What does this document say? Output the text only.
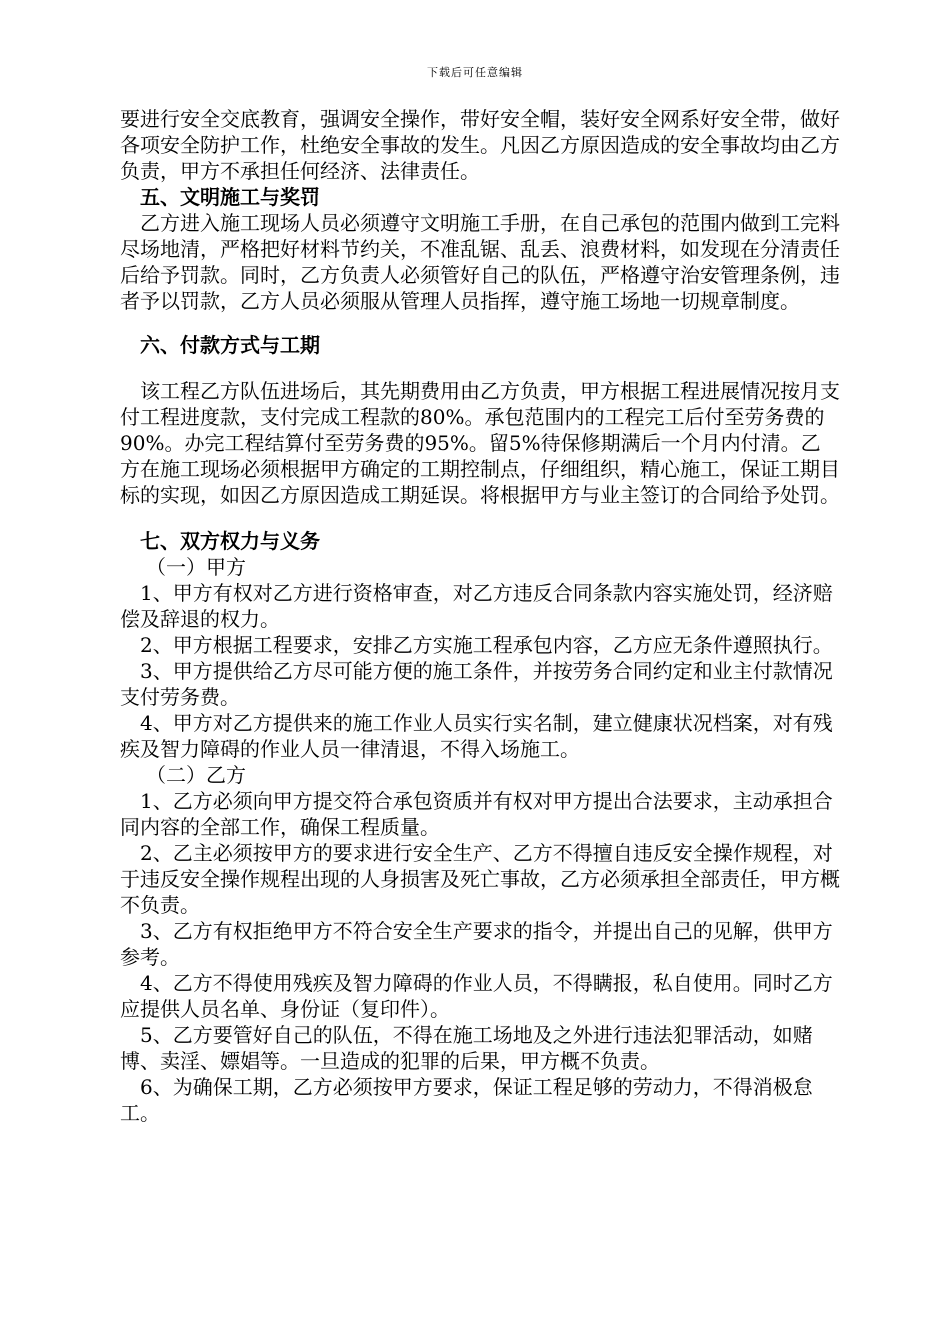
下载后可任意编辑

要进行安全交底教育，强调安全操作，带好安全帽，装好安全网系好安全带，做好各项安全防护工作，杜绝安全事故的发生。凡因乙方原因造成的安全事故均由乙方负责，甲方不承担任何经济、法律责任。

五、文明施工与奖罚

乙方进入施工现场人员必须遵守文明施工手册，在自己承包的范围内做到工完料尽场地清，严格把好材料节约关，不准乱锯、乱丢、浪费材料，如发现在分清责任后给予罚款。同时，乙方负责人必须管好自己的队伍，严格遵守治安管理条例，违者予以罚款，乙方人员必须服从管理人员指挥，遵守施工场地一切规章制度。

六、付款方式与工期

该工程乙方队伍进场后，其先期费用由乙方负责，甲方根据工程进展情况按月支付工程进度款，支付完成工程款的80%。承包范围内的工程完工后付至劳务费的90%。办完工程结算付至劳务费的95%。留5%待保修期满后一个月内付清。乙方在施工现场必须根据甲方确定的工期控制点，仔细组织，精心施工，保证工期目标的实现，如因乙方原因造成工期延误。将根据甲方与业主签订的合同给予处罚。

七、双方权力与义务

（一）甲方

1、甲方有权对乙方进行资格审查，对乙方违反合同条款内容实施处罚，经济赔偿及辞退的权力。

2、甲方根据工程要求，安排乙方实施工程承包内容，乙方应无条件遵照执行。

3、甲方提供给乙方尽可能方便的施工条件，并按劳务合同约定和业主付款情况支付劳务费。

4、甲方对乙方提供来的施工作业人员实行实名制，建立健康状况档案，对有残疾及智力障碍的作业人员一律清退，不得入场施工。

（二）乙方

1、乙方必须向甲方提交符合承包资质并有权对甲方提出合法要求，主动承担合同内容的全部工作，确保工程质量。

2、乙主必须按甲方的要求进行安全生产、乙方不得擅自违反安全操作规程，对于违反安全操作规程出现的人身损害及死亡事故，乙方必须承担全部责任，甲方概不负责。

3、乙方有权拒绝甲方不符合安全生产要求的指令，并提出自己的见解，供甲方参考。

4、乙方不得使用残疾及智力障碍的作业人员，不得瞒报，私自使用。同时乙方应提供人员名单、身份证（复印件）。

5、乙方要管好自己的队伍，不得在施工场地及之外进行违法犯罪活动，如赌博、卖淫、嫖娼等。一旦造成的犯罪的后果，甲方概不负责。

6、为确保工期，乙方必须按甲方要求，保证工程足够的劳动力，不得消极怠工。
